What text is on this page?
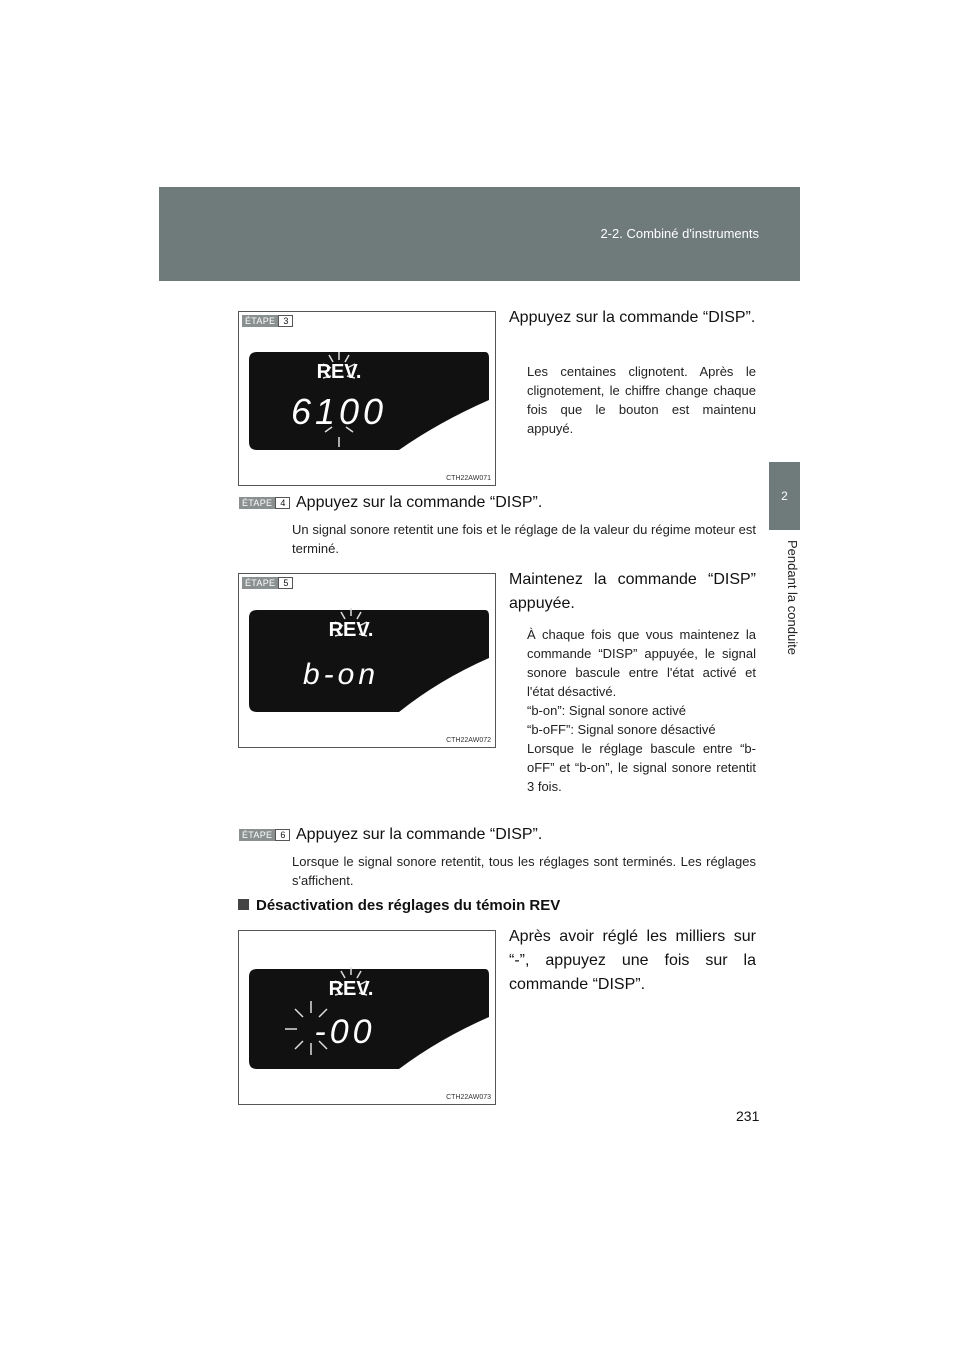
2-2. Combiné d'instruments
2
Pendant la conduite
ÉTAPE 3
REV.
6100
CTH22AW071
Appuyez sur la commande “DISP”.
Les centaines clignotent. Après le clignotement, le chiffre change chaque fois que le bouton est maintenu appuyé.
ÉTAPE 4 Appuyez sur la commande “DISP”.
Un signal sonore retentit une fois et le réglage de la valeur du régime moteur est terminé.
ÉTAPE 5
REV.
b-on
CTH22AW072
Maintenez la commande “DISP” appuyée.
À chaque fois que vous maintenez la commande “DISP” appuyée, le signal sonore bascule entre l'état activé et l'état désactivé.
“b-on”: Signal sonore activé
“b-oFF”: Signal sonore désactivé
Lorsque le réglage bascule entre “b-oFF” et “b-on”, le signal sonore retentit 3 fois.
ÉTAPE 6 Appuyez sur la commande “DISP”.
Lorsque le signal sonore retentit, tous les réglages sont terminés. Les réglages s'affichent.
Désactivation des réglages du témoin REV
REV.
-00
CTH22AW073
Après avoir réglé les milliers sur “-”, appuyez une fois sur la commande “DISP”.
231
